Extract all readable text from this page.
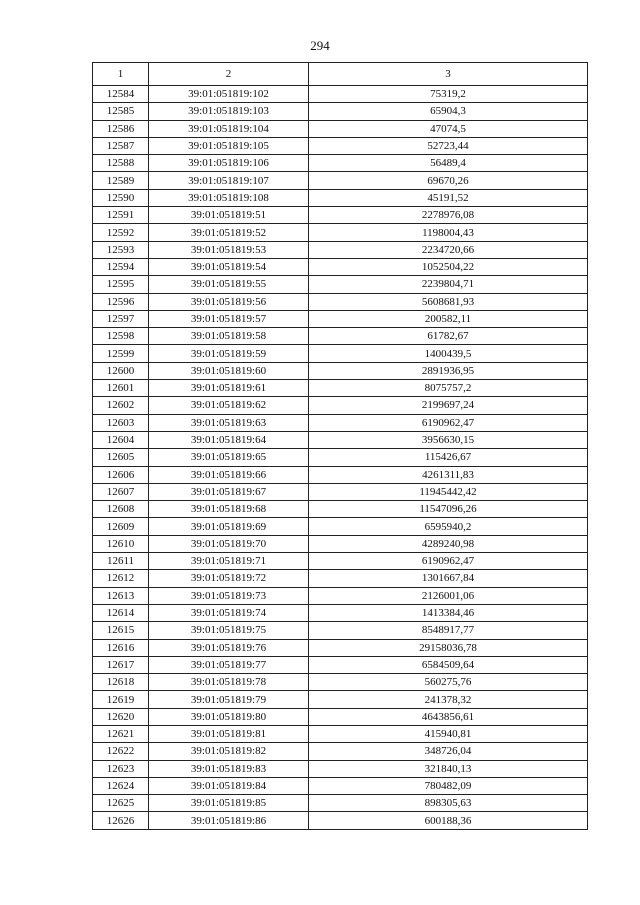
294
1	2	3
12584	39:01:051819:102	75319,2
12585	39:01:051819:103	65904,3
12586	39:01:051819:104	47074,5
12587	39:01:051819:105	52723,44
12588	39:01:051819:106	56489,4
12589	39:01:051819:107	69670,26
12590	39:01:051819:108	45191,52
12591	39:01:051819:51	2278976,08
12592	39:01:051819:52	1198004,43
12593	39:01:051819:53	2234720,66
12594	39:01:051819:54	1052504,22
12595	39:01:051819:55	2239804,71
12596	39:01:051819:56	5608681,93
12597	39:01:051819:57	200582,11
12598	39:01:051819:58	61782,67
12599	39:01:051819:59	1400439,5
12600	39:01:051819:60	2891936,95
12601	39:01:051819:61	8075757,2
12602	39:01:051819:62	2199697,24
12603	39:01:051819:63	6190962,47
12604	39:01:051819:64	3956630,15
12605	39:01:051819:65	115426,67
12606	39:01:051819:66	4261311,83
12607	39:01:051819:67	11945442,42
12608	39:01:051819:68	11547096,26
12609	39:01:051819:69	6595940,2
12610	39:01:051819:70	4289240,98
12611	39:01:051819:71	6190962,47
12612	39:01:051819:72	1301667,84
12613	39:01:051819:73	2126001,06
12614	39:01:051819:74	1413384,46
12615	39:01:051819:75	8548917,77
12616	39:01:051819:76	29158036,78
12617	39:01:051819:77	6584509,64
12618	39:01:051819:78	560275,76
12619	39:01:051819:79	241378,32
12620	39:01:051819:80	4643856,61
12621	39:01:051819:81	415940,81
12622	39:01:051819:82	348726,04
12623	39:01:051819:83	321840,13
12624	39:01:051819:84	780482,09
12625	39:01:051819:85	898305,63
12626	39:01:051819:86	600188,36
